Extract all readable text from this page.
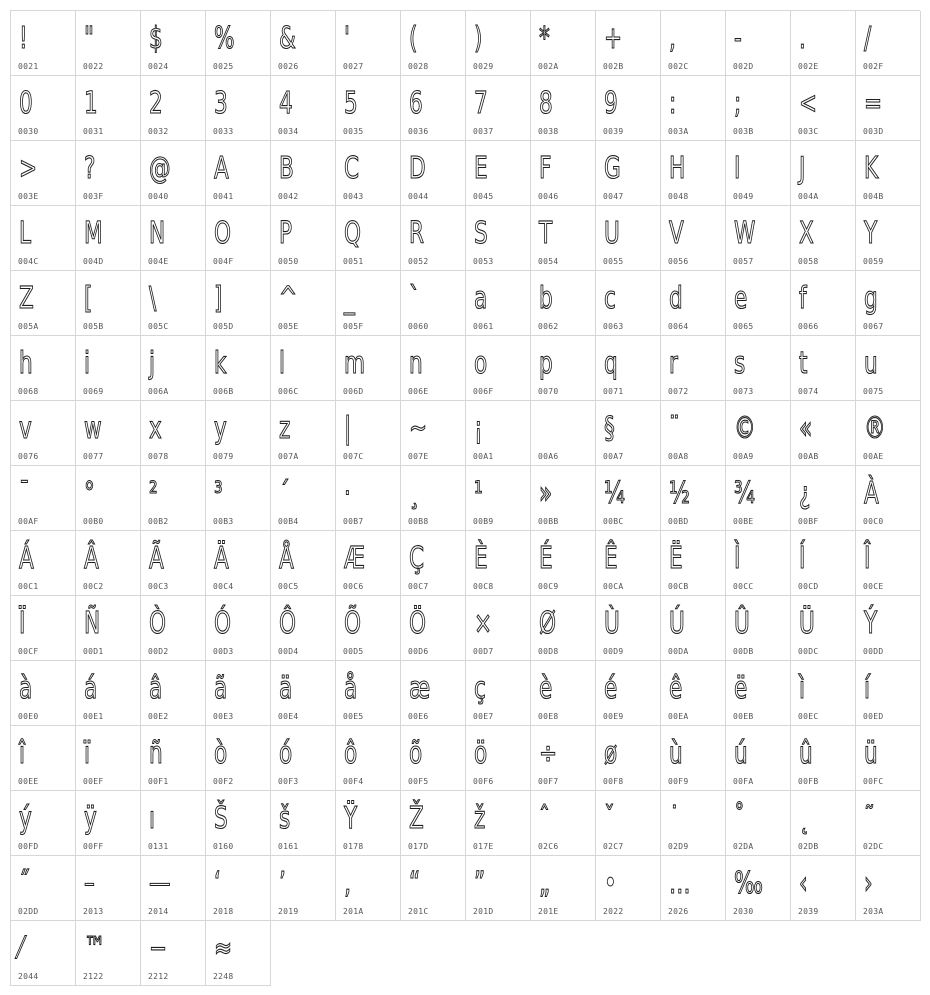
!
0021
"
0022
$
0024
%
0025
&
0026
'
0027
(
0028
)
0029
*
002A
+
002B
,
002C
-
002D
.
002E
/
002F
0
0030
1
0031
2
0032
3
0033
4
0034
5
0035
6
0036
7
0037
8
0038
9
0039
:
003A
;
003B
<
003C
=
003D
>
003E
?
003F
@
0040
A
0041
B
0042
C
0043
D
0044
E
0045
F
0046
G
0047
H
0048
I
0049
J
004A
K
004B
L
004C
M
004D
N
004E
O
004F
P
0050
Q
0051
R
0052
S
0053
T
0054
U
0055
V
0056
W
0057
X
0058
Y
0059
Z
005A
[
005B
\
005C
]
005D
^
005E
_
005F
`
0060
a
0061
b
0062
c
0063
d
0064
e
0065
f
0066
g
0067
h
0068
i
0069
j
006A
k
006B
l
006C
m
006D
n
006E
o
006F
p
0070
q
0071
r
0072
s
0073
t
0074
u
0075
v
0076
w
0077
x
0078
y
0079
z
007A
|
007C
~
007E
¡
00A1	00A6
§
00A7
¨
00A8
©
00A9
«
00AB
®
00AE
¯
00AF
°
00B0
²
00B2
³
00B3
´
00B4
·
00B7
¸
00B8
¹
00B9
»
00BB
¼
00BC
½
00BD
¾
00BE
¿
00BF
À
00C0
Á
00C1
Â
00C2
Ã
00C3
Ä
00C4
Å
00C5
Æ
00C6
Ç
00C7
È
00C8
É
00C9
Ê
00CA
Ë
00CB
Ì
00CC
Í
00CD
Î
00CE
Ï
00CF
Ñ
00D1
Ò
00D2
Ó
00D3
Ô
00D4
Õ
00D5
Ö
00D6
×
00D7
Ø
00D8
Ù
00D9
Ú
00DA
Û
00DB
Ü
00DC
Ý
00DD
à
00E0
á
00E1
â
00E2
ã
00E3
ä
00E4
å
00E5
æ
00E6
ç
00E7
è
00E8
é
00E9
ê
00EA
ë
00EB
ì
00EC
í
00ED
î
00EE
ï
00EF
ñ
00F1
ò
00F2
ó
00F3
ô
00F4
õ
00F5
ö
00F6
÷
00F7
ø
00F8
ù
00F9
ú
00FA
û
00FB
ü
00FC
ý
00FD
ÿ
00FF
ı
0131
Š
0160
š
0161
Ÿ
0178
Ž
017D
ž
017E
ˆ
02C6
ˇ
02C7
˙
02D9
˚
02DA
˛
02DB
˜
02DC
˝
02DD
–
2013
—
2014
‘
2018
’
2019
‚
201A
“
201C
”
201D
„
201E
•
2022
…
2026
‰
2030
‹
2039
›
203A
⁄
2044
™
2122
−
2212
≈
2248
